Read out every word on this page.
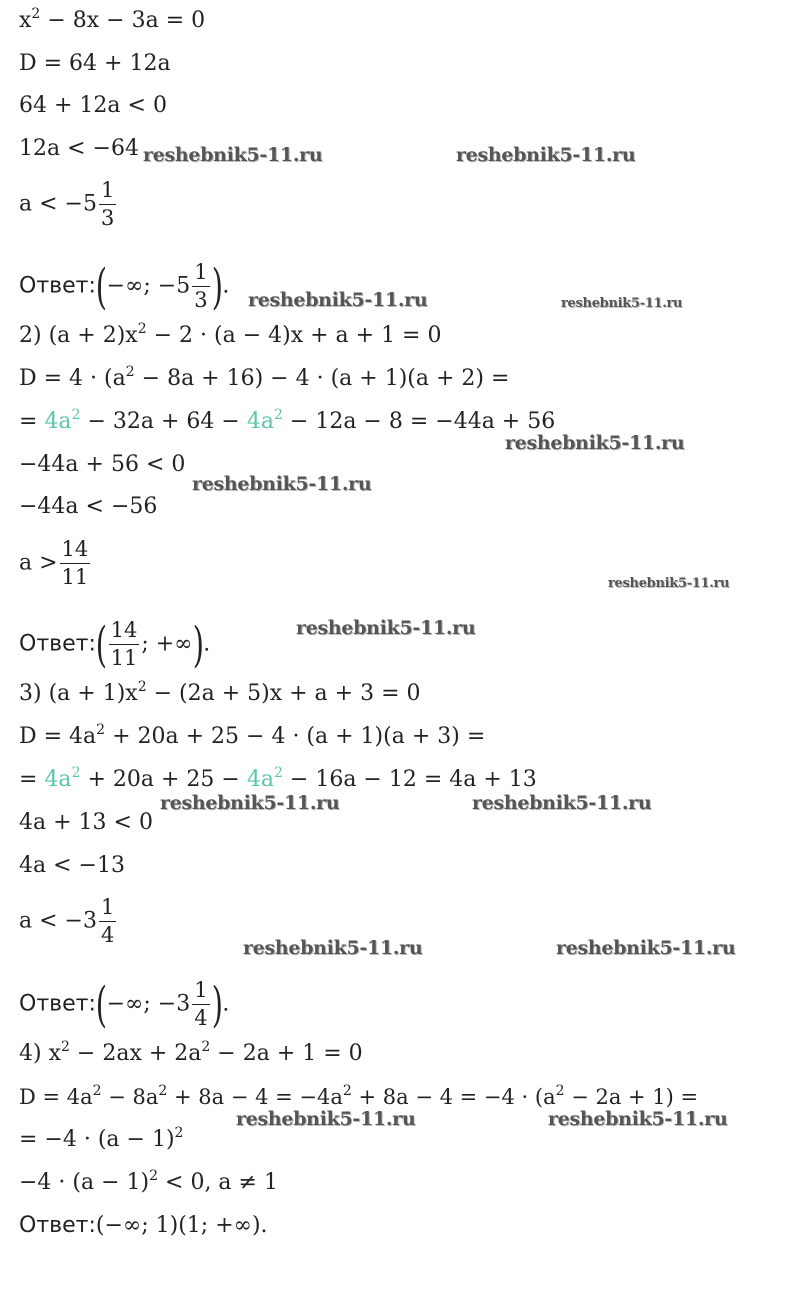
$x^2 - 8x - 3a = 0$
D = 64 + 12a
64 + 12a < 0
12a < −64
$a < -5 \frac{1}{3}$
Ответ:(−∞; $-5 \frac{1}{3}$ ).
2) $(a + 2)x^2 - 2 \cdot (a - 4)x + a + 1 = 0$
$D = 4 \cdot (a^2 - 8a + 16) - 4 \cdot (a + 1)(a + 2)$ =
= $4a^2 - 32a + 64 - 4a^2 - 12a - 8 = -44a + 56$
−44a + 56 < 0
−44a < −56
$a > \frac{14}{11}$
Ответ:( $\frac{14}{11}$ ; +∞).
3) $(a + 1)x^2 - (2a + 5)x + a + 3 = 0$
$D = 4a^2 + 20a + 25 - 4 \cdot (a + 1)(a + 3)$ =
= $4a^2 + 20a + 25 - 4a^2 - 16a - 12 = 4a + 13$
4a + 13 < 0
4a < −13
$a < -3 \frac{1}{4}$
Ответ:(−∞; $-3 \frac{1}{4}$ ).
4) $x^2 - 2ax + 2a^2 - 2a + 1 = 0$
$D = 4a^2 - 8a^2 + 8a - 4 = -4a^2 + 8a - 4 = -4 \cdot (a^2 - 2a + 1)$ =
= $-4 \cdot (a - 1)^2$
$-4 \cdot (a - 1)^2 < 0$, a ≠ 1
Ответ:(−∞; 1)(1; +∞).
reshebnik5-11.ru	reshebnik5-11.ru
reshebnik5-11.ru	reshebnik5-11.ru
reshebnik5-11.ru
reshebnik5-11.ru
reshebnik5-11.ru
reshebnik5-11.ru
reshebnik5-11.ru	reshebnik5-11.ru
reshebnik5-11.ru	reshebnik5-11.ru
reshebnik5-11.ru	reshebnik5-11.ru
